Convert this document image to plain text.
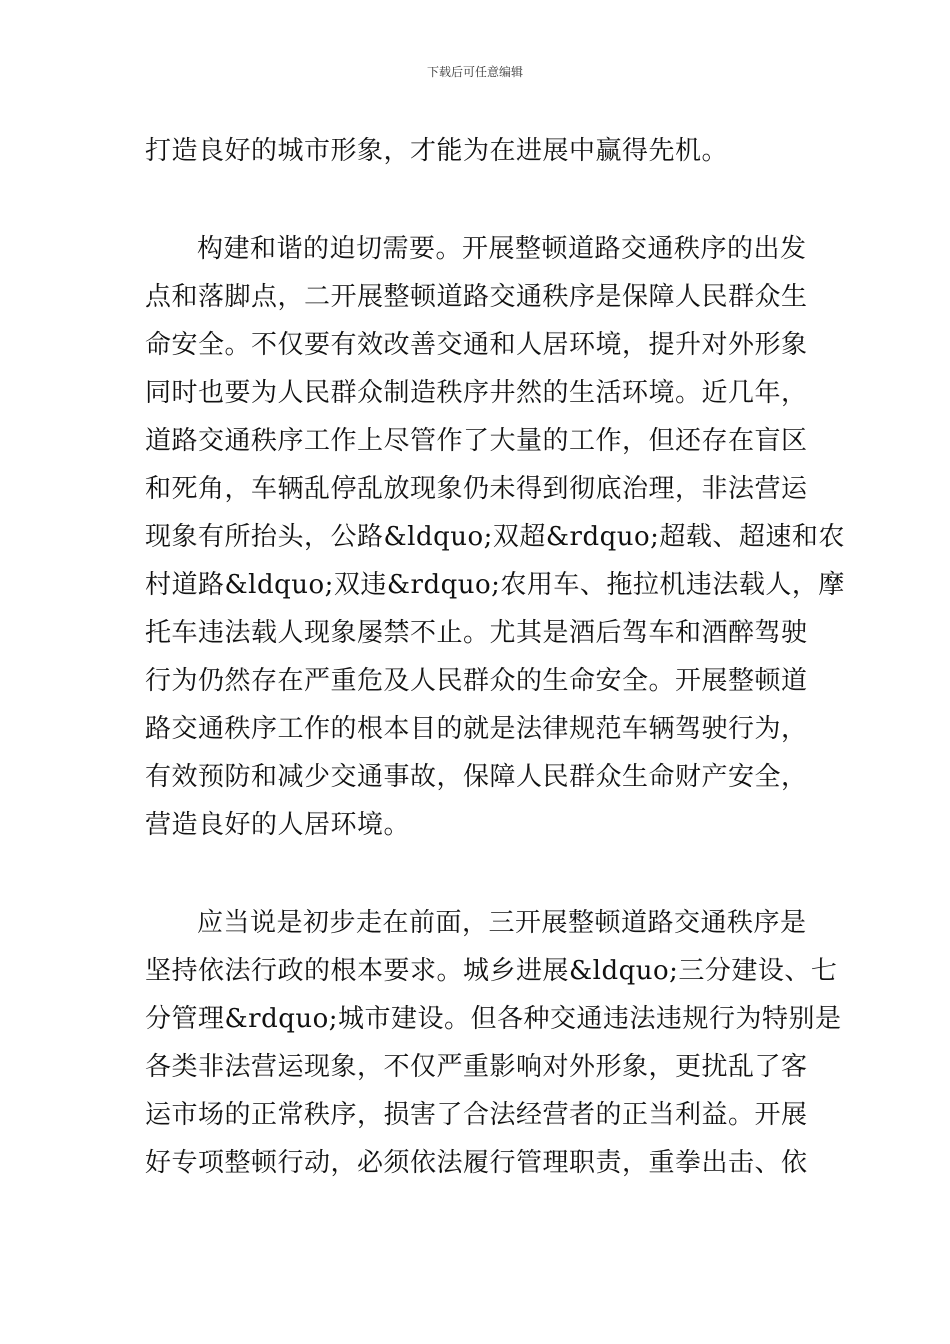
下载后可任意编辑
打造良好的城市形象，才能为在进展中赢得先机。
构建和谐的迫切需要。开展整顿道路交通秩序的出发
点和落脚点，二开展整顿道路交通秩序是保障人民群众生
命安全。不仅要有效改善交通和人居环境，提升对外形象
同时也要为人民群众制造秩序井然的生活环境。近几年，
道路交通秩序工作上尽管作了大量的工作，但还存在盲区
和死角，车辆乱停乱放现象仍未得到彻底治理，非法营运
现象有所抬头，公路&ldquo;双超&rdquo;超载、超速和农
村道路&ldquo;双违&rdquo;农用车、拖拉机违法载人，摩
托车违法载人现象屡禁不止。尤其是酒后驾车和酒醉驾驶
行为仍然存在严重危及人民群众的生命安全。开展整顿道
路交通秩序工作的根本目的就是法律规范车辆驾驶行为，
有效预防和减少交通事故，保障人民群众生命财产安全，
营造良好的人居环境。
应当说是初步走在前面，三开展整顿道路交通秩序是
坚持依法行政的根本要求。城乡进展&ldquo;三分建设、七
分管理&rdquo;城市建设。但各种交通违法违规行为特别是
各类非法营运现象，不仅严重影响对外形象，更扰乱了客
运市场的正常秩序，损害了合法经营者的正当利益。开展
好专项整顿行动，必须依法履行管理职责，重拳出击、依
